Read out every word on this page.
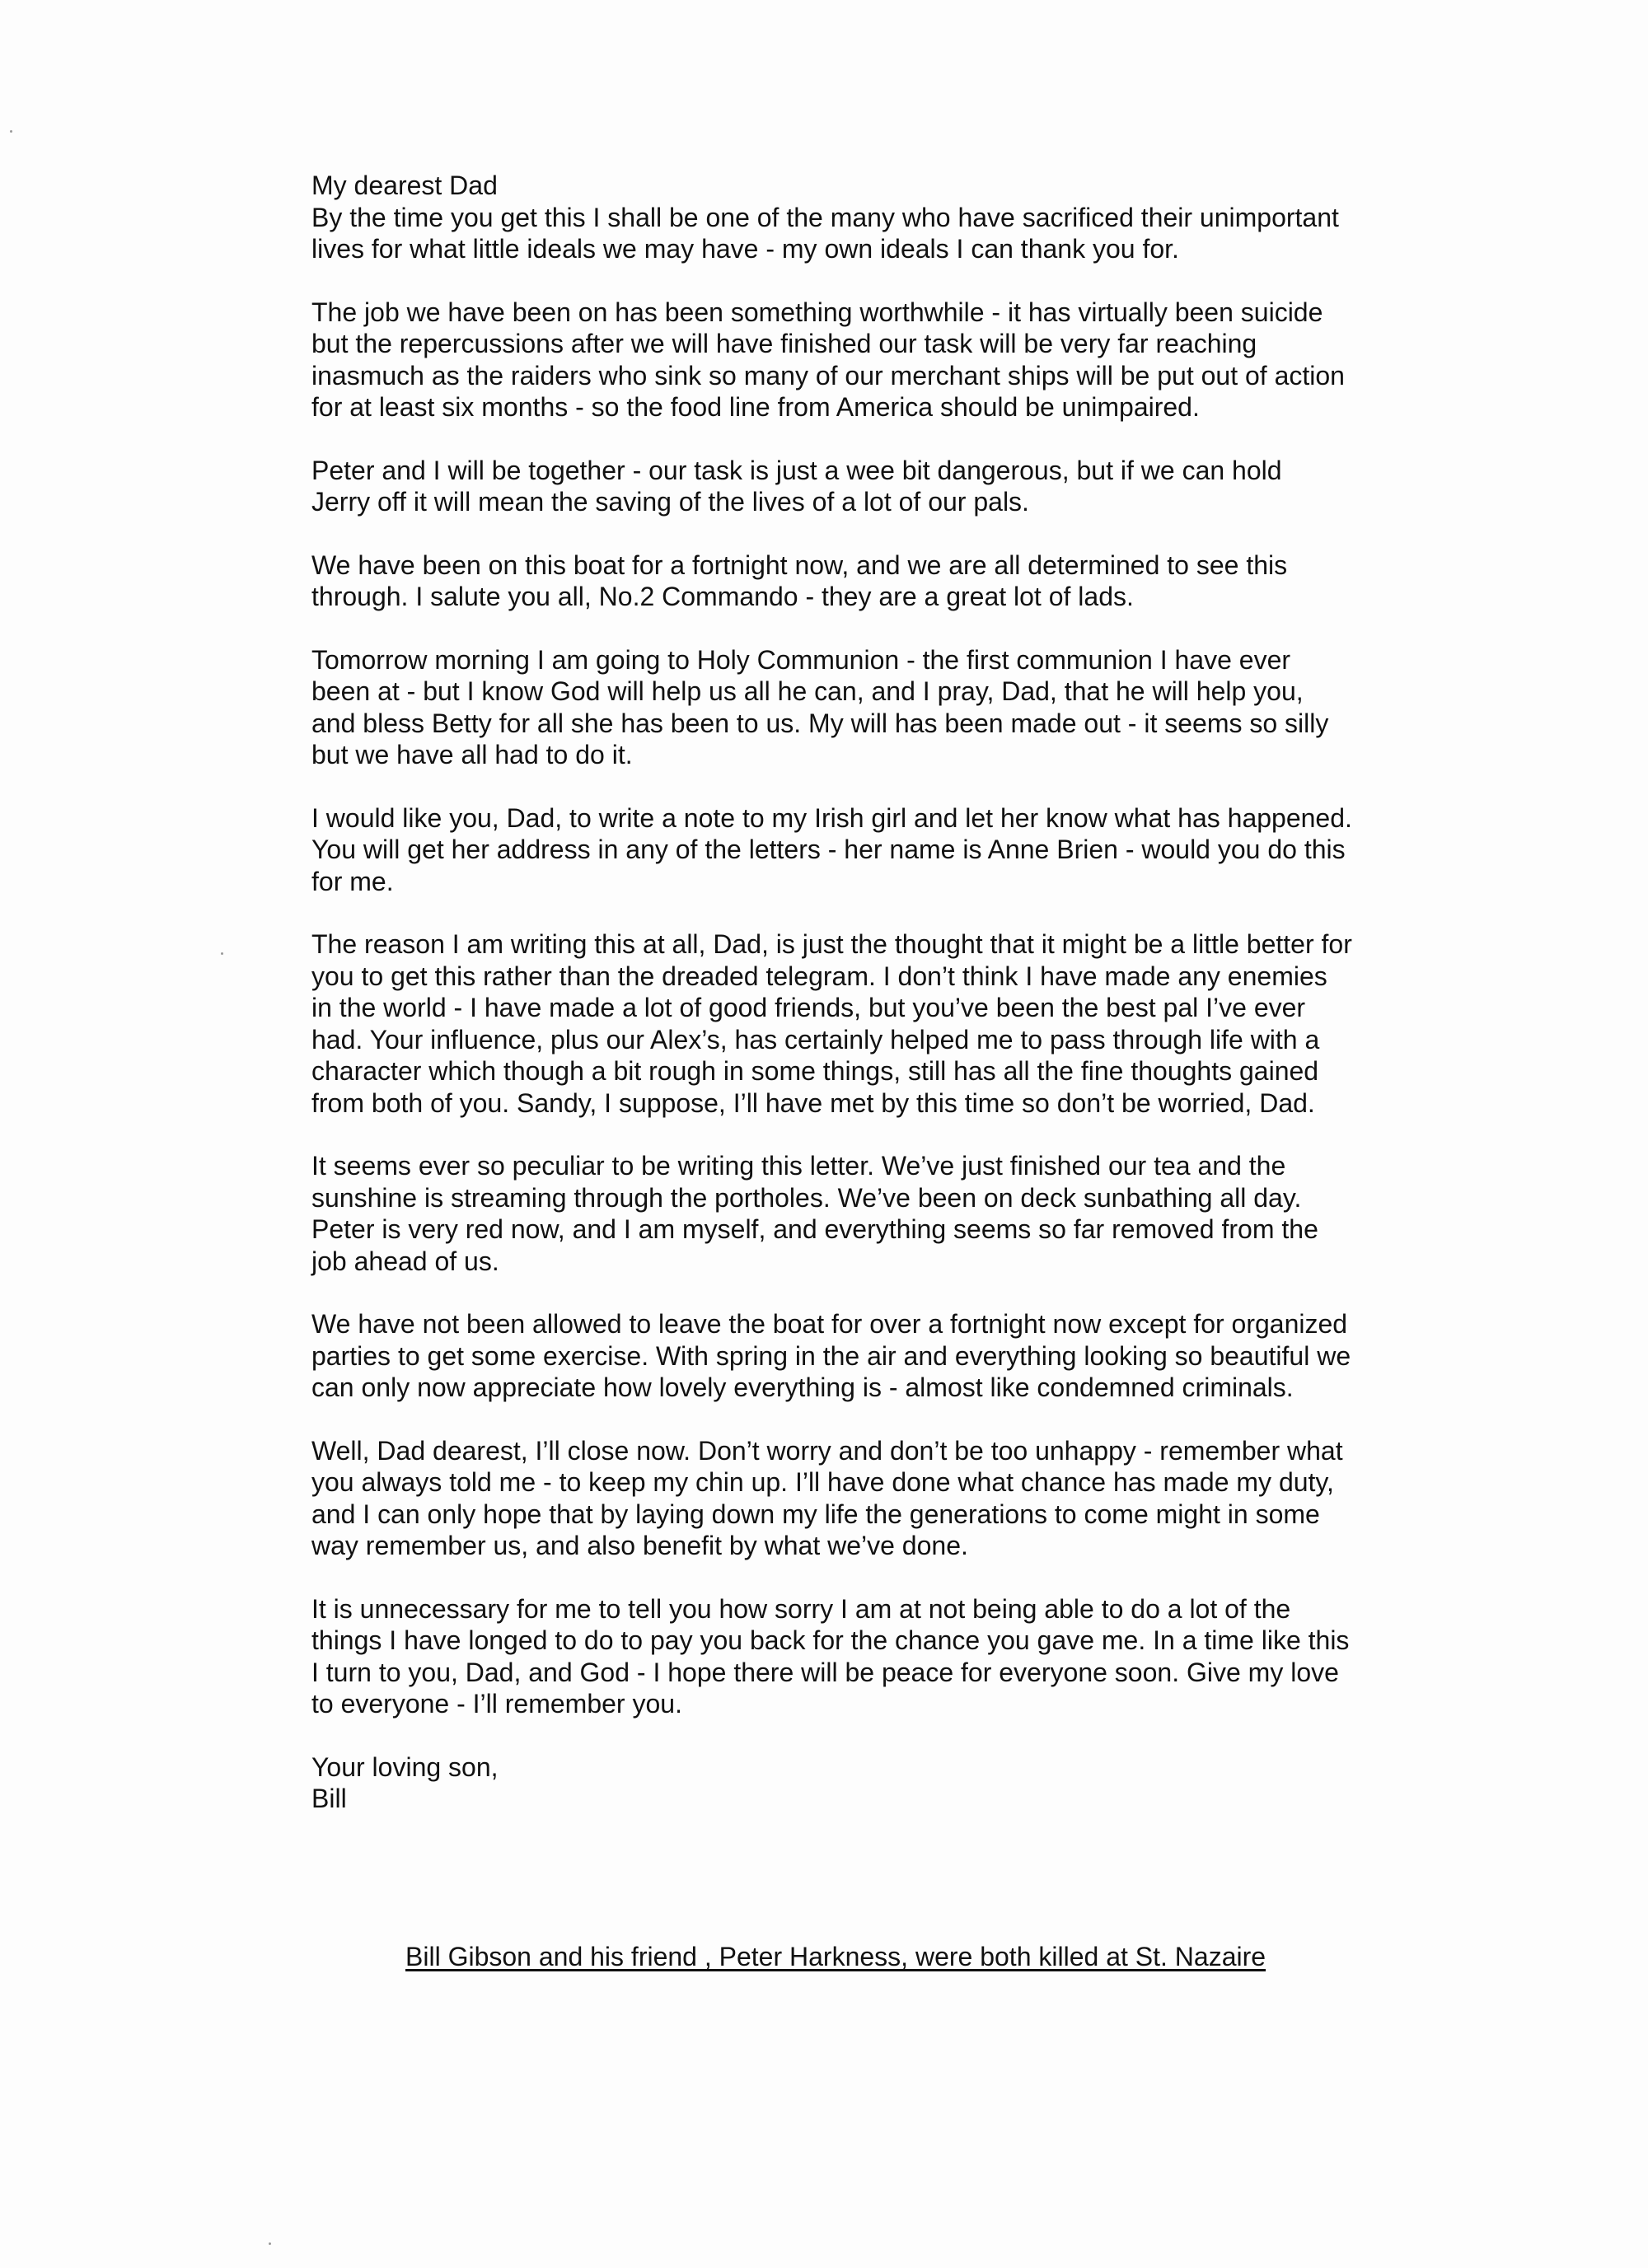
My dearest Dad
By the time you get this I shall be one of the many who have sacrificed their unimportant
lives for what little ideals we may have - my own ideals I can thank you for.
The job we have been on has been something worthwhile - it has virtually been suicide
but the repercussions after we will have finished our task will be very far reaching
inasmuch as the raiders who sink so many of our merchant ships will be put out of action
for at least six months - so the food line from America should be unimpaired.
Peter and I will be together - our task is just a wee bit dangerous, but if we can hold
Jerry off it will mean the saving of the lives of a lot of our pals.
We have been on this boat for a fortnight now, and we are all determined to see this
through. I salute you all, No.2 Commando - they are a great lot of lads.
Tomorrow morning I am going to Holy Communion - the first communion I have ever
been at - but I know God will help us all he can, and I pray, Dad, that he will help you,
and bless Betty for all she has been to us. My will has been made out - it seems so silly
but we have all had to do it.
I would like you, Dad, to write a note to my Irish girl and let her know what has happened.
You will get her address in any of the letters - her name is Anne Brien - would you do this
for me.
The reason I am writing this at all, Dad, is just the thought that it might be a little better for
you to get this rather than the dreaded telegram. I don’t think I have made any enemies
in the world - I have made a lot of good friends, but you’ve been the best pal I’ve ever
had. Your influence, plus our Alex’s, has certainly helped me to pass through life with a
character which though a bit rough in some things, still has all the fine thoughts gained
from both of you. Sandy, I suppose, I’ll have met by this time so don’t be worried, Dad.
It seems ever so peculiar to be writing this letter. We’ve just finished our tea and the
sunshine is streaming through the portholes. We’ve been on deck sunbathing all day.
Peter is very red now, and I am myself, and everything seems so far removed from the
job ahead of us.
We have not been allowed to leave the boat for over a fortnight now except for organized
parties to get some exercise. With spring in the air and everything looking so beautiful we
can only now appreciate how lovely everything is - almost like condemned criminals.
Well, Dad dearest, I’ll close now. Don’t worry and don’t be too unhappy - remember what
you always told me - to keep my chin up. I’ll have done what chance has made my duty,
and I can only hope that by laying down my life the generations to come might in some
way remember us, and also benefit by what we’ve done.
It is unnecessary for me to tell you how sorry I am at not being able to do a lot of the
things I have longed to do to pay you back for the chance you gave me. In a time like this
I turn to you, Dad, and God - I hope there will be peace for everyone soon. Give my love
to everyone - I’ll remember you.
Your loving son,
Bill
Bill Gibson and his friend , Peter Harkness, were both killed at St. Nazaire
